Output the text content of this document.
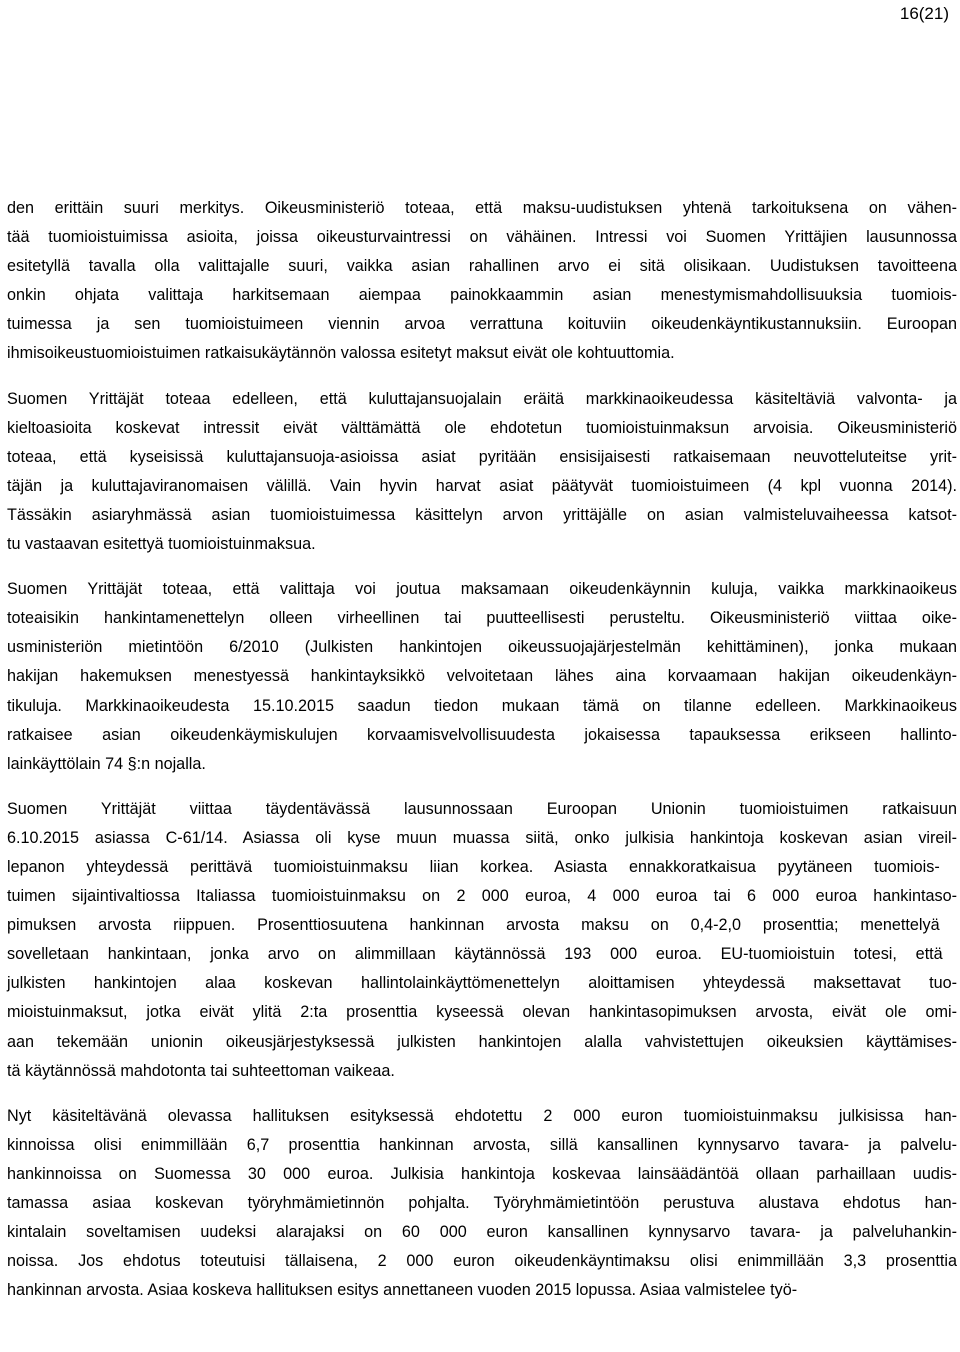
16(21)
den erittäin suuri merkitys. Oikeusministeriö toteaa, että maksu-uudistuksen yhtenä tarkoituksena on vähen-
tää tuomioistuimissa asioita, joissa oikeusturvaintressi on vähäinen. Intressi voi Suomen Yrittäjien lausunnossa
esitetyllä tavalla olla valittajalle suuri, vaikka asian rahallinen arvo ei sitä olisikaan. Uudistuksen tavoitteena
onkin ohjata valittaja harkitsemaan aiempaa painokkaammin asian menestymismahdollisuuksia tuomiois-
tuimessa ja sen tuomioistuimeen viennin arvoa verrattuna koituviin oikeudenkäyntikustannuksiin. Euroopan
ihmisoikeustuomioistuimen ratkaisukäytännön valossa esitetyt maksut eivät ole kohtuuttomia.
Suomen Yrittäjät toteaa edelleen, että kuluttajansuojalain eräitä markkinaoikeudessa käsiteltäviä valvonta- ja
kieltoasioita koskevat intressit eivät välttämättä ole ehdotetun tuomioistuinmaksun arvoisia. Oikeusministeriö
toteaa, että kyseisissä kuluttajansuoja-asioissa asiat pyritään ensisijaisesti ratkaisemaan neuvotteluteitse yrit-
täjän ja kuluttajaviranomaisen välillä. Vain hyvin harvat asiat päätyvät tuomioistuimeen (4 kpl vuonna 2014).
Tässäkin asiaryhmässä asian tuomioistuimessa käsittelyn arvon yrittäjälle on asian valmisteluvaiheessa katsot-
tu vastaavan esitettyä tuomioistuinmaksua.
Suomen Yrittäjät toteaa, että valittaja voi joutua maksamaan oikeudenkäynnin kuluja, vaikka markkinaoikeus
toteaisikin hankintamenettelyn olleen virheellinen tai puutteellisesti perusteltu. Oikeusministeriö viittaa oike-
usministeriön mietintöön 6/2010 (Julkisten hankintojen oikeussuojajärjestelmän kehittäminen), jonka mukaan
hakijan hakemuksen menestyessä hankintayksikkö velvoitetaan lähes aina korvaamaan hakijan oikeudenkäyn-
tikuluja. Markkinaoikeudesta 15.10.2015 saadun tiedon mukaan tämä on tilanne edelleen. Markkinaoikeus
ratkaisee asian oikeudenkäymiskulujen korvaamisvelvollisuudesta jokaisessa tapauksessa erikseen hallinto-
lainkäyttölain 74 §:n nojalla.
Suomen Yrittäjät viittaa täydentävässä lausunnossaan Euroopan Unionin tuomioistuimen ratkaisuun
6.10.2015 asiassa C-61/14. Asiassa oli kyse muun muassa siitä, onko julkisia hankintoja koskevan asian vireil-
lepanon yhteydessä perittävä tuomioistuinmaksu liian korkea. Asiasta ennakkoratkaisua pyytäneen tuomiois-
tuimen sijaintivaltiossa Italiassa tuomioistuinmaksu on 2 000 euroa, 4 000 euroa tai 6 000 euroa hankintaso-
pimuksen arvosta riippuen. Prosenttiosuutena hankinnan arvosta maksu on 0,4-2,0 prosenttia; menettelyä
sovelletaan hankintaan, jonka arvo on alimmillaan käytännössä 193 000 euroa. EU-tuomioistuin totesi, että
julkisten hankintojen alaa koskevan hallintolainkäyttömenettelyn aloittamisen yhteydessä maksettavat tuo-
mioistuinmaksut, jotka eivät ylitä 2:ta prosenttia kyseessä olevan hankintasopimuksen arvosta, eivät ole omi-
aan tekemään unionin oikeusjärjestyksessä julkisten hankintojen alalla vahvistettujen oikeuksien käyttämises-
tä käytännössä mahdotonta tai suhteettoman vaikeaa.
Nyt käsiteltävänä olevassa hallituksen esityksessä ehdotettu 2 000 euron tuomioistuinmaksu julkisissa han-
kinnoissa olisi enimmillään 6,7 prosenttia hankinnan arvosta, sillä kansallinen kynnysarvo tavara- ja palvelu-
hankinnoissa on Suomessa 30 000 euroa. Julkisia hankintoja koskevaa lainsäädäntöä ollaan parhaillaan uudis-
tamassa asiaa koskevan työryhmämietinnön pohjalta. Työryhmämietintöön perustuva alustava ehdotus han-
kintalain soveltamisen uudeksi alarajaksi on 60 000 euron kansallinen kynnysarvo tavara- ja palveluhankin-
noissa. Jos ehdotus toteutuisi tällaisena, 2 000 euron oikeudenkäyntimaksu olisi enimmillään 3,3 prosenttia
hankinnan arvosta. Asiaa koskeva hallituksen esitys annettaneen vuoden 2015 lopussa. Asiaa valmistelee työ-
